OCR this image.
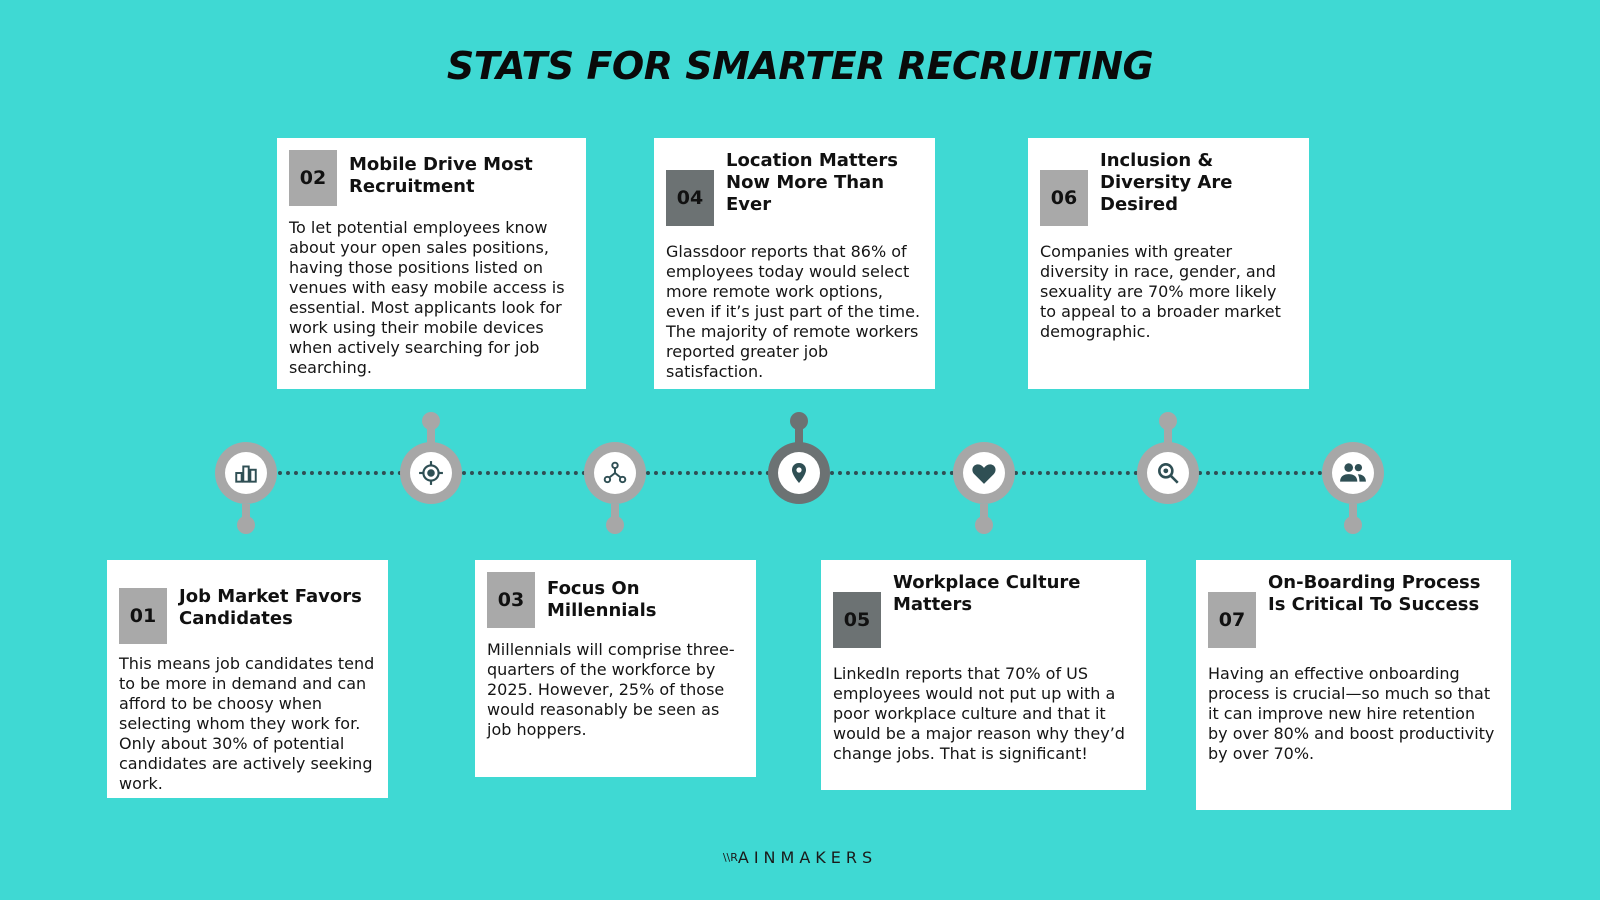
STATS FOR SMARTER RECRUITING
01
Job Market Favors Candidates
This means job candidates tend to be more in demand and can afford to be choosy when selecting whom they work for. Only about 30% of potential candidates are actively seeking work.
02
Mobile Drive Most Recruitment
To let potential employees know about your open sales positions, having those positions listed on venues with easy mobile access is essential. Most applicants look for work using their mobile devices when actively searching for job searching.
03
Focus On Millennials
Millennials will comprise three-quarters of the workforce by 2025. However, 25% of those would reasonably be seen as job hoppers.
04
Location Matters Now More Than Ever
Glassdoor reports that 86% of employees today would select more remote work options, even if it’s just part of the time. The majority of remote workers reported greater job satisfaction.
05
Workplace Culture Matters
LinkedIn reports that 70% of US employees would not put up with a poor workplace culture and that it would be a major reason why they’d change jobs. That is significant!
06
Inclusion & Diversity Are Desired
Companies with greater diversity in race, gender, and sexuality are 70% more likely to appeal to a broader market demographic.
07
On-Boarding Process Is Critical To Success
Having an effective onboarding process is crucial—so much so that it can improve new hire retention by over 80% and boost productivity by over 70%.
\\RAINMAKERS
